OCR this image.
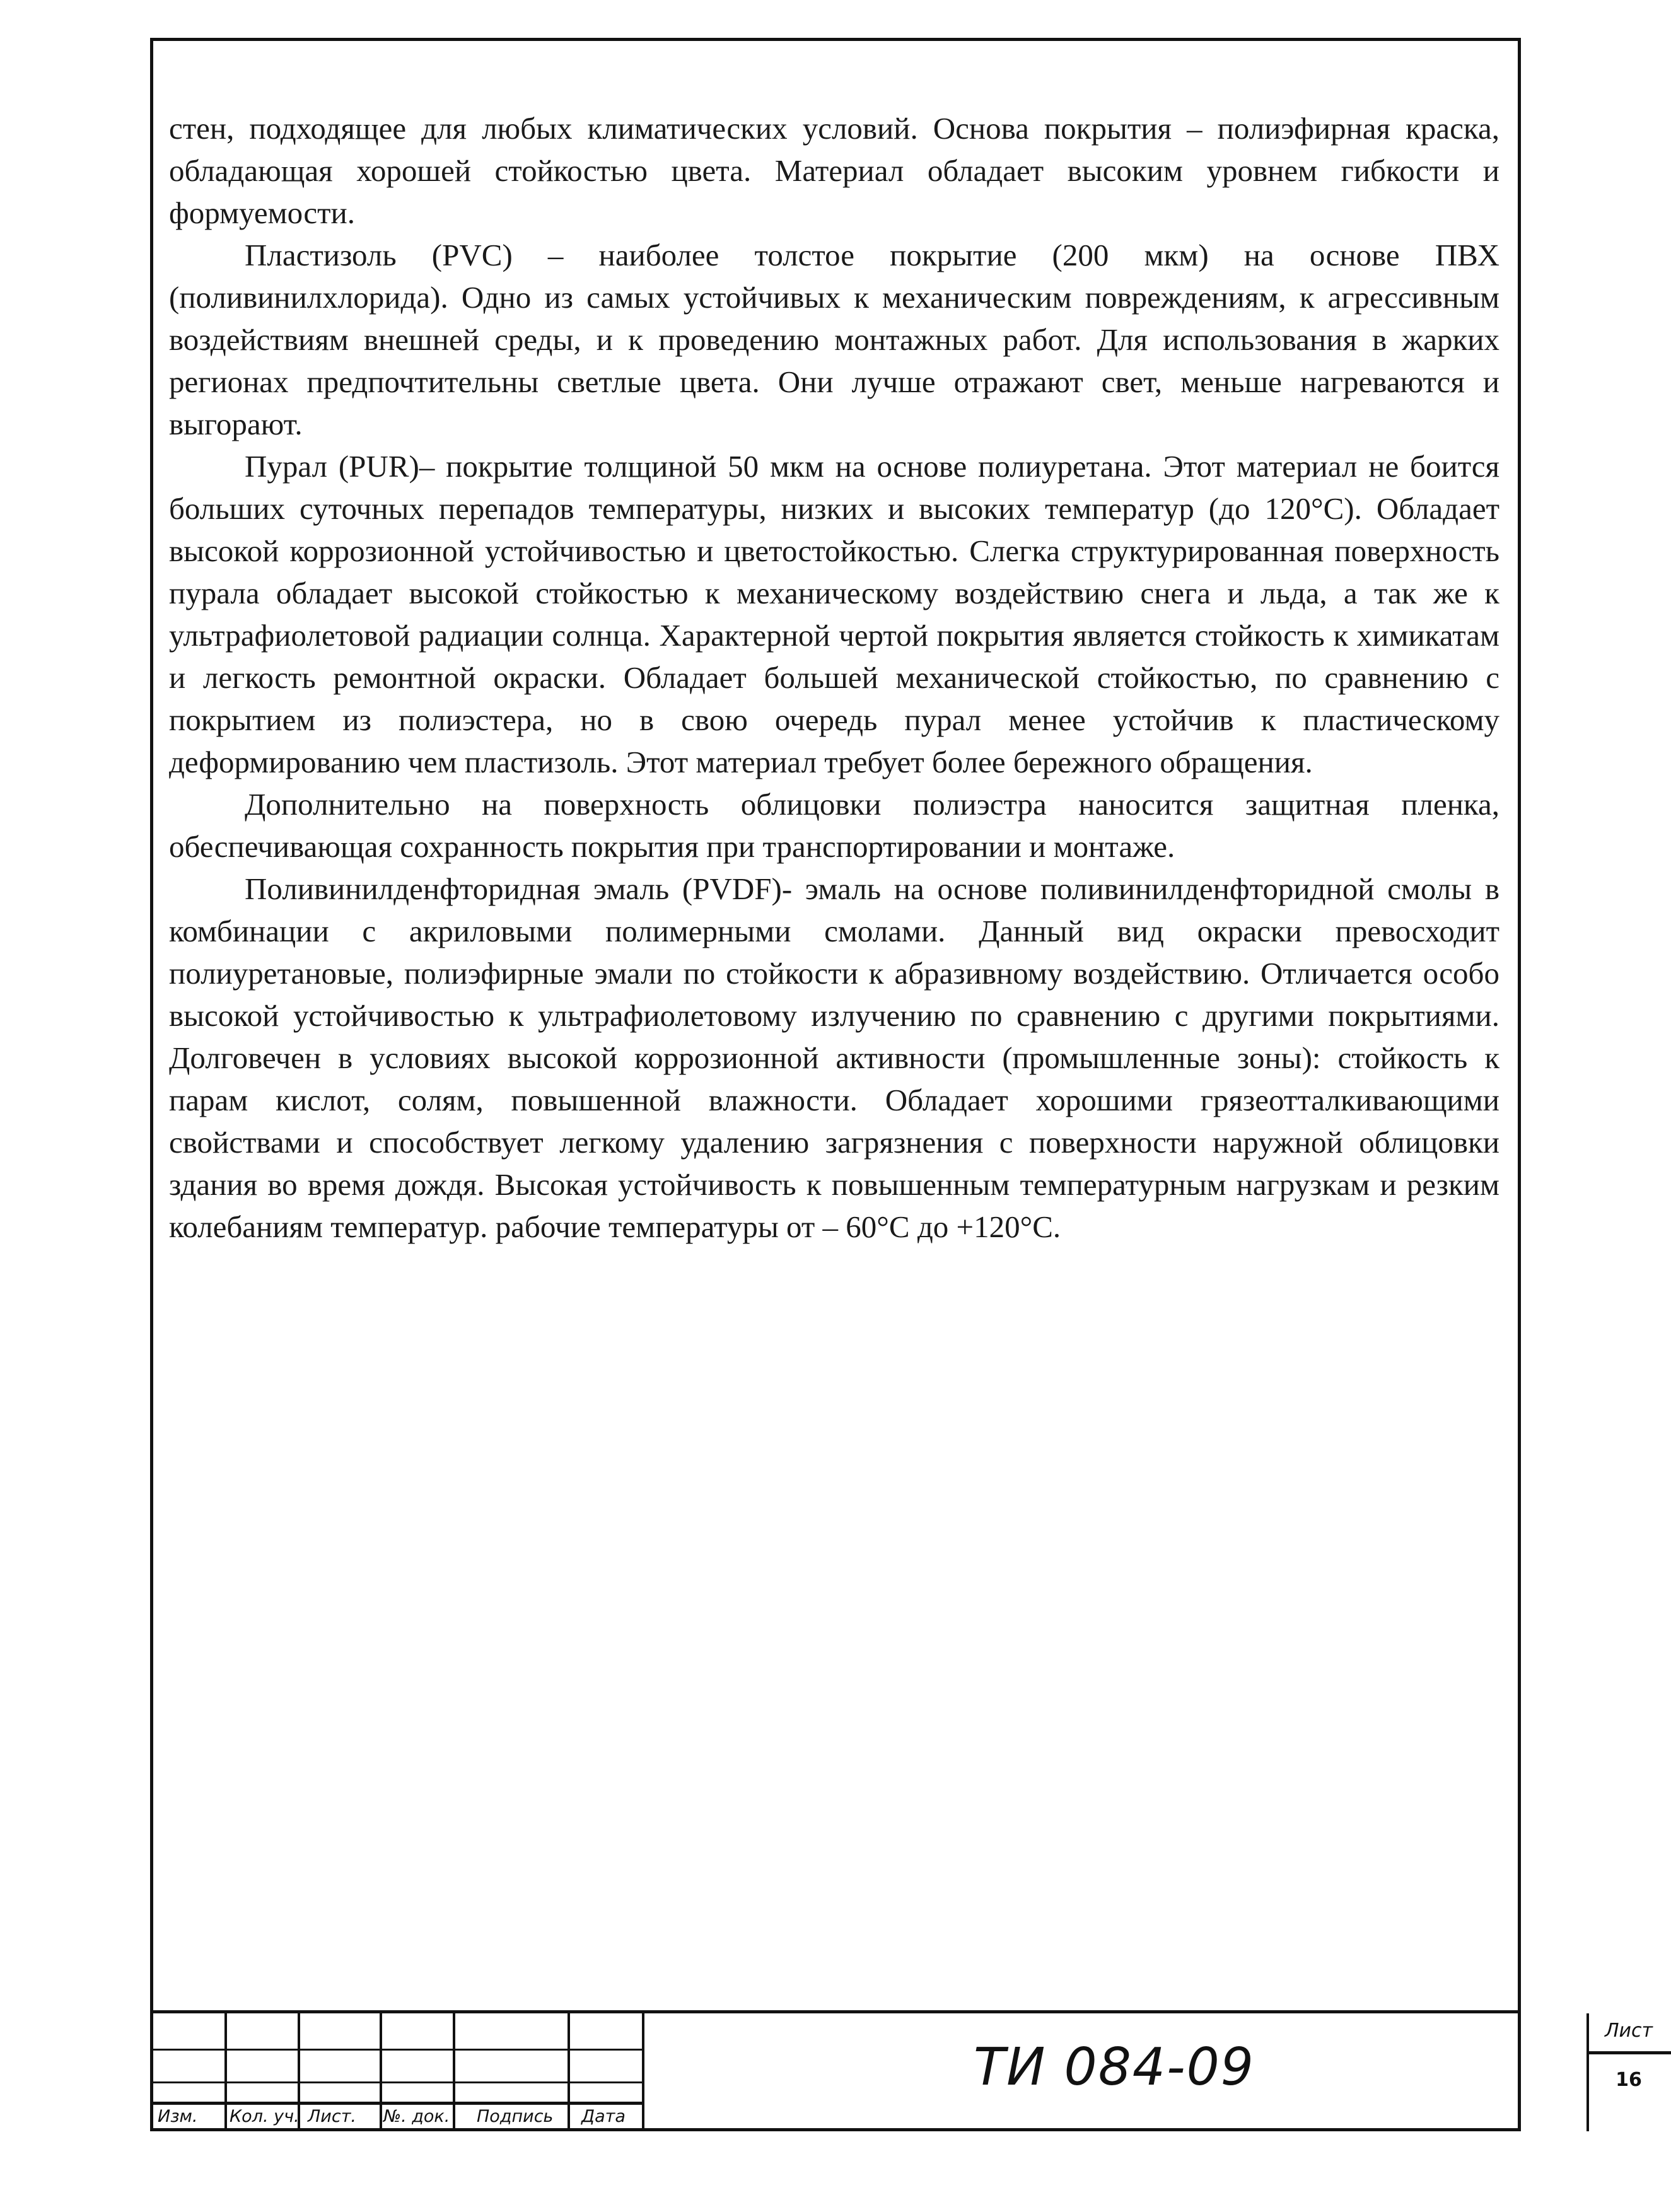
стен, подходящее для любых климатических условий. Основа покрытия – полиэфирная краска, обладающая хорошей стойкостью цвета. Материал обладает высоким уровнем гибкости и формуемости.

Пластизоль (PVC) – наиболее толстое покрытие (200 мкм) на основе ПВХ (поливинилхлорида). Одно из самых устойчивых к механическим повреждениям, к агрессивным воздействиям внешней среды, и к проведению монтажных работ. Для использования в жарких регионах предпочтительны светлые цвета. Они лучше отражают свет, меньше нагреваются и выгорают.

Пурал (PUR)– покрытие толщиной 50 мкм на основе полиуретана. Этот материал не боится больших суточных перепадов температуры, низких и высоких температур (до 120°C). Обладает высокой коррозионной устойчивостью и цветостойкостью. Слегка структурированная поверхность пурала обладает высокой стойкостью к механическому воздействию снега и льда, а так же к ультрафиолетовой радиации солнца. Характерной чертой покрытия является стойкость к химикатам и легкость ремонтной окраски. Обладает большей механической стойкостью, по сравнению с покрытием из полиэстера, но в свою очередь пурал менее устойчив к пластическому деформированию чем пластизоль. Этот материал требует более бережного обращения.

Дополнительно на поверхность облицовки полиэстра наносится защитная пленка, обеспечивающая сохранность покрытия при транспортировании и монтаже.

Поливинилденфторидная эмаль (PVDF)- эмаль на основе поливинилденфторидной смолы в комбинации с акриловыми полимерными смолами. Данный вид окраски превосходит полиуретановые, полиэфирные эмали по стойкости к абразивному воздействию. Отличается особо высокой устойчивостью к ультрафиолетовому излучению по сравнению с другими покрытиями. Долговечен в условиях высокой коррозионной активности (промышленные зоны): стойкость к парам кислот, солям, повышенной влажности. Обладает хорошими грязеотталкивающими свойствами и способствует легкому удалению загрязнения с поверхности наружной облицовки здания во время дождя. Высокая устойчивость к повышенным температурным нагрузкам и резким колебаниям температур. рабочие температуры от – 60°С до +120°С.

Изм. Кол. уч. Лист. №. док. Подпись Дата
ТИ 084-09
Лист
16
